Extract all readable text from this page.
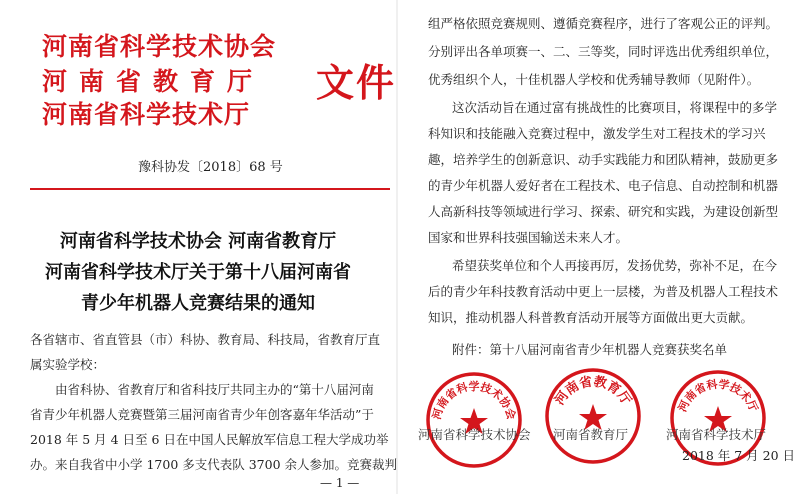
河南省科学技术协会
河南省教育厅
河南省科学技术厅
文件
豫科协发〔2018〕68 号
河南省科学技术协会 河南省教育厅
河南省科学技术厅关于第十八届河南省
青少年机器人竞赛结果的通知
各省辖市、省直管县（市）科协、教育局、科技局，省教育厅直
属实验学校：
由省科协、省教育厅和省科技厅共同主办的“第十八届河南
省青少年机器人竞赛暨第三届河南省青少年创客嘉年华活动”于
2018 年 5 月 4 日至 6 日在中国人民解放军信息工程大学成功举
办。来自我省中小学 1700 多支代表队 3700 余人参加。竞赛裁判
— 1 —
组严格依照竞赛规则、遵循竞赛程序，进行了客观公正的评判。
分别评出各单项赛一、二、三等奖，同时评选出优秀组织单位，
优秀组织个人，十佳机器人学校和优秀辅导教师（见附件）。
这次活动旨在通过富有挑战性的比赛项目，将课程中的多学
科知识和技能融入竞赛过程中，激发学生对工程技术的学习兴
趣，培养学生的创新意识、动手实践能力和团队精神，鼓励更多
的青少年机器人爱好者在工程技术、电子信息、自动控制和机器
人高新科技等领域进行学习、探索、研究和实践，为建设创新型
国家和世界科技强国输送未来人才。
希望获奖单位和个人再接再厉，发扬优势，弥补不足，在今
后的青少年科技教育活动中更上一层楼，为普及机器人工程技术
知识，推动机器人科普教育活动开展等方面做出更大贡献。
附件：第十八届河南省青少年机器人竞赛获奖名单
河南省科学技术协会
河南省教育厅	河南省科学技术厅
河南省科学技术协会 河南省教育厅	河南省科学技术厅
2018 年 7 月 20 日
